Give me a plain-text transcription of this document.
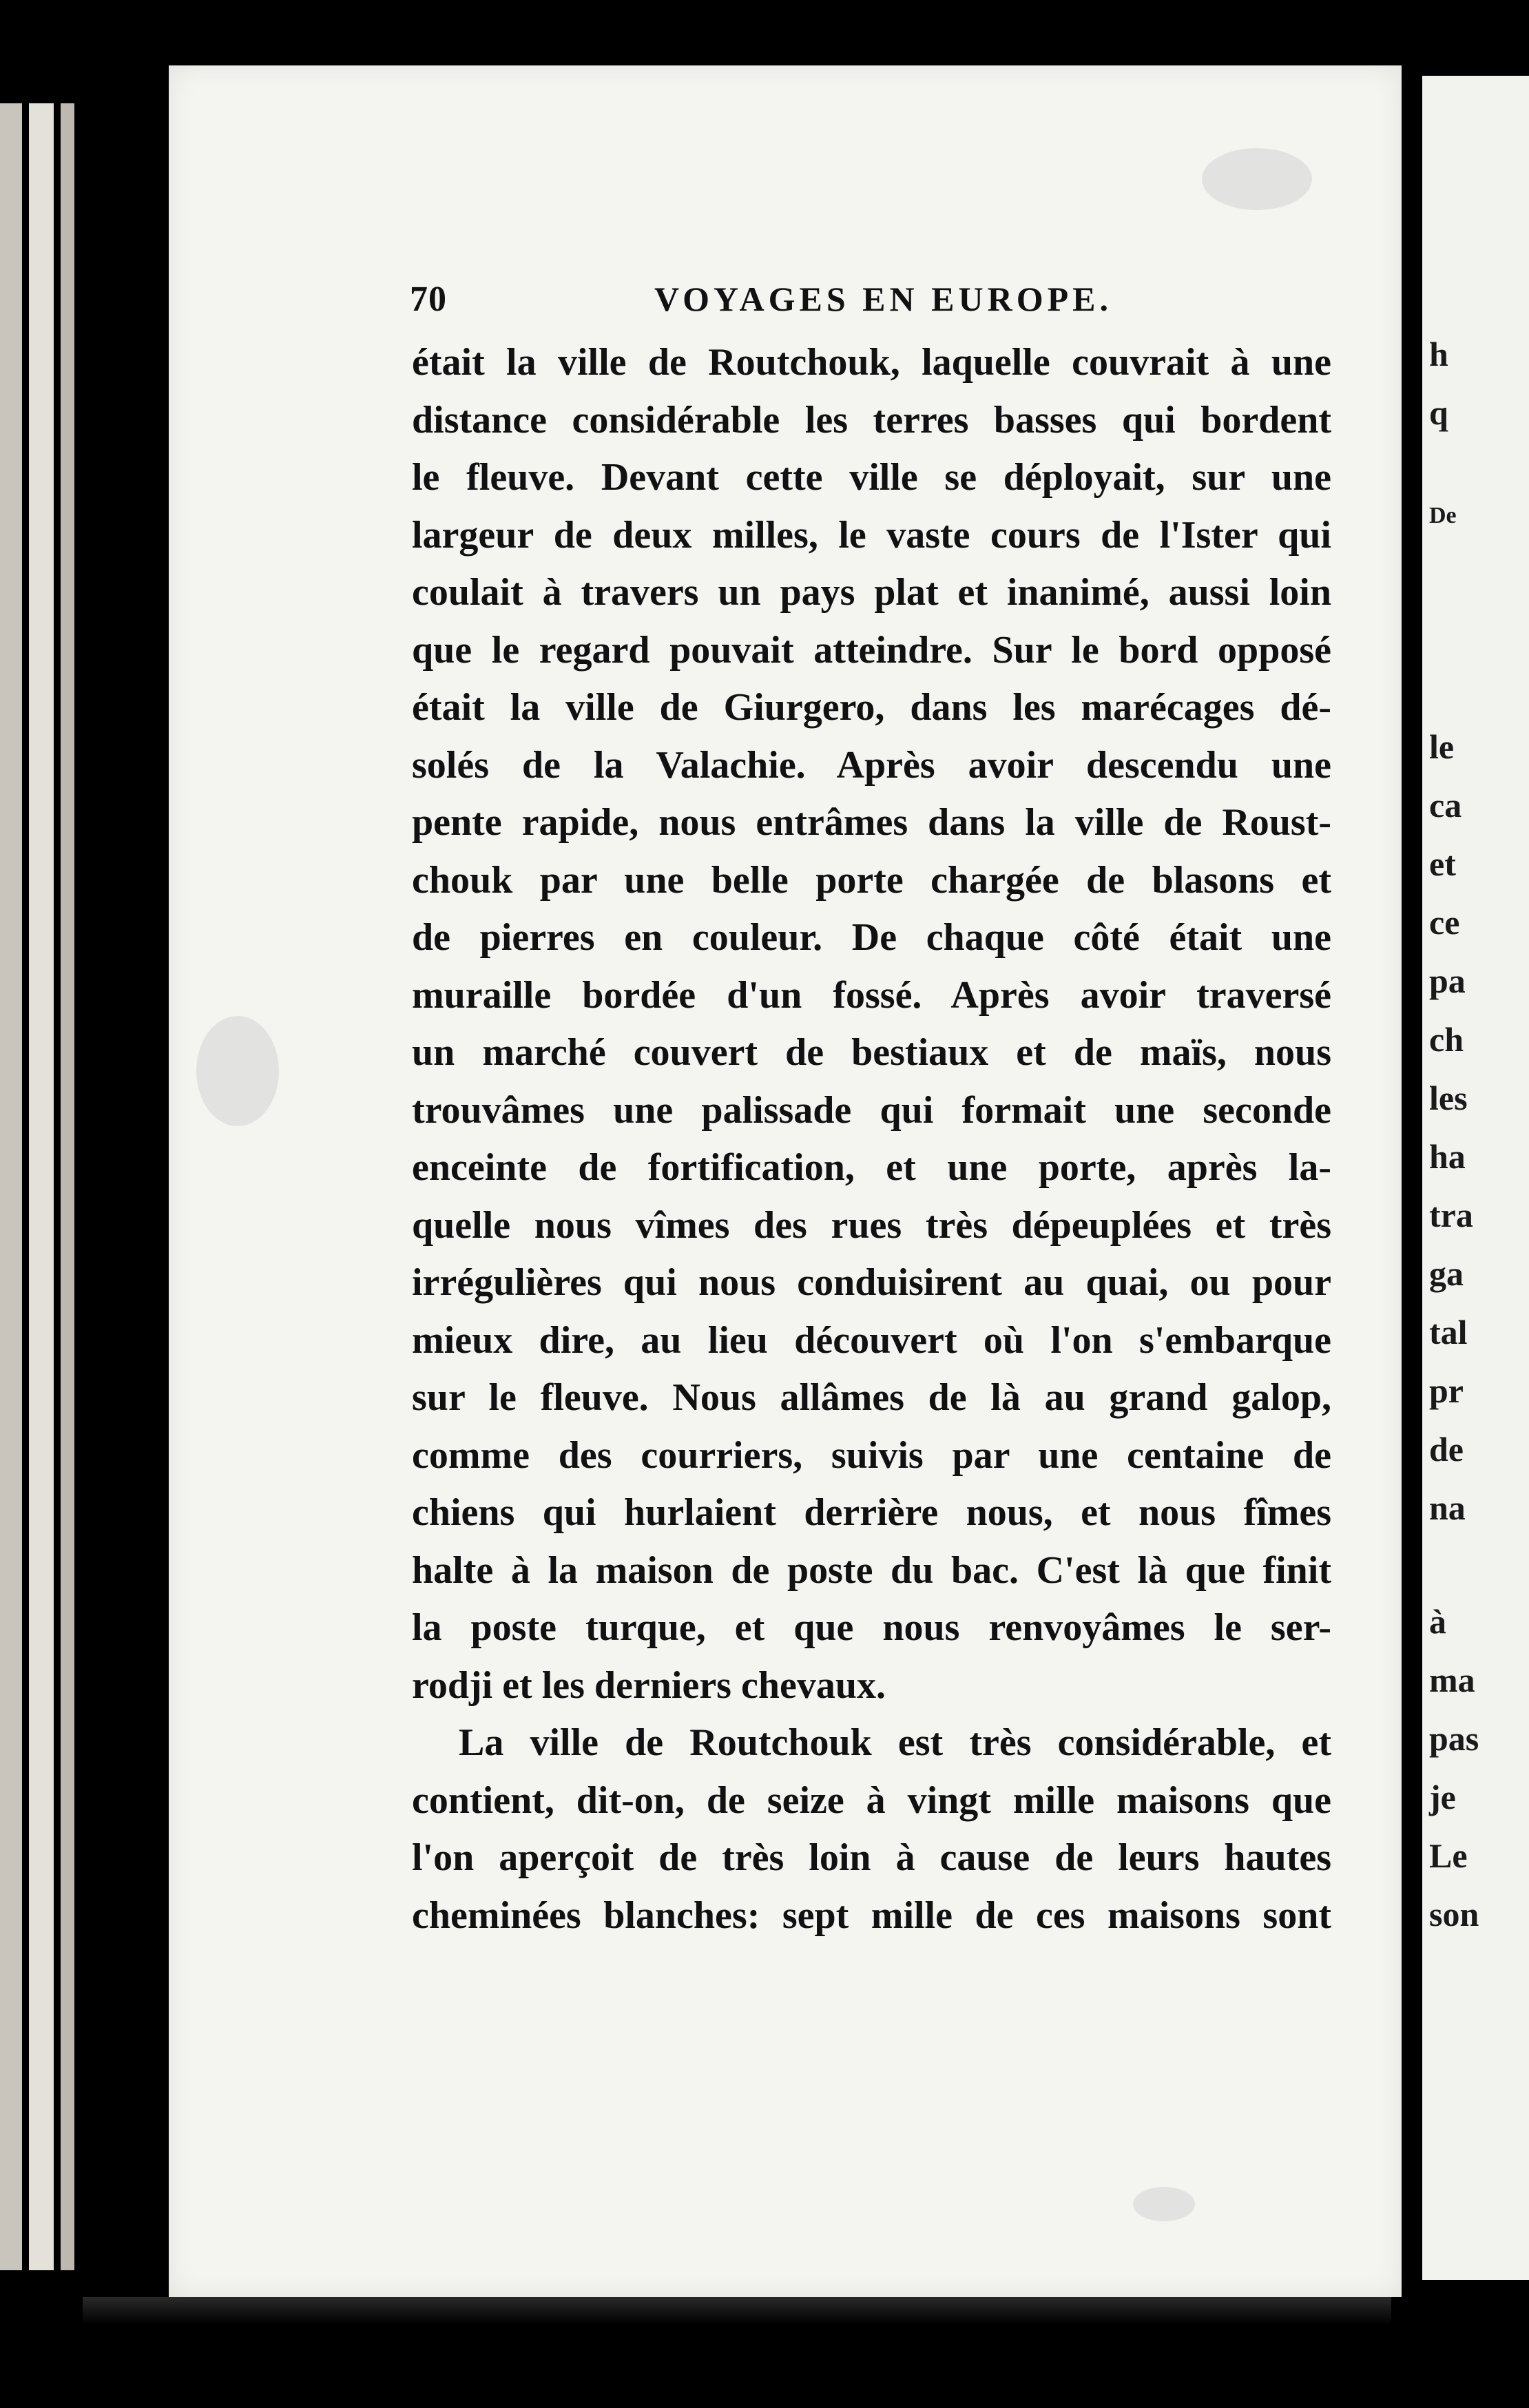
70	VOYAGES EN EUROPE.
était la ville de Routchouk, laquelle couvrait à une
distance considérable les terres basses qui bordent
le fleuve. Devant cette ville se déployait, sur une
largeur de deux milles, le vaste cours de l'Ister qui
coulait à travers un pays plat et inanimé, aussi loin
que le regard pouvait atteindre. Sur le bord opposé
était la ville de Giurgero, dans les marécages dé-
solés de la Valachie. Après avoir descendu une
pente rapide, nous entrâmes dans la ville de Roust-
chouk par une belle porte chargée de blasons et
de pierres en couleur. De chaque côté était une
muraille bordée d'un fossé. Après avoir traversé
un marché couvert de bestiaux et de maïs, nous
trouvâmes une palissade qui formait une seconde
enceinte de fortification, et une porte, après la-
quelle nous vîmes des rues très dépeuplées et très
irrégulières qui nous conduisirent au quai, ou pour
mieux dire, au lieu découvert où l'on s'embarque
sur le fleuve. Nous allâmes de là au grand galop,
comme des courriers, suivis par une centaine de
chiens qui hurlaient derrière nous, et nous fîmes
halte à la maison de poste du bac. C'est là que finit
la poste turque, et que nous renvoyâmes le ser-
rodji et les derniers chevaux.
La ville de Routchouk est très considérable, et
contient, dit-on, de seize à vingt mille maisons que
l'on aperçoit de très loin à cause de leurs hautes
cheminées blanches: sept mille de ces maisons sont
h
q
De
le
ca
et
ce
pa
ch
les
ha
tra
ga
tal
pr
de
na
à
ma
pas
je
Le
son
